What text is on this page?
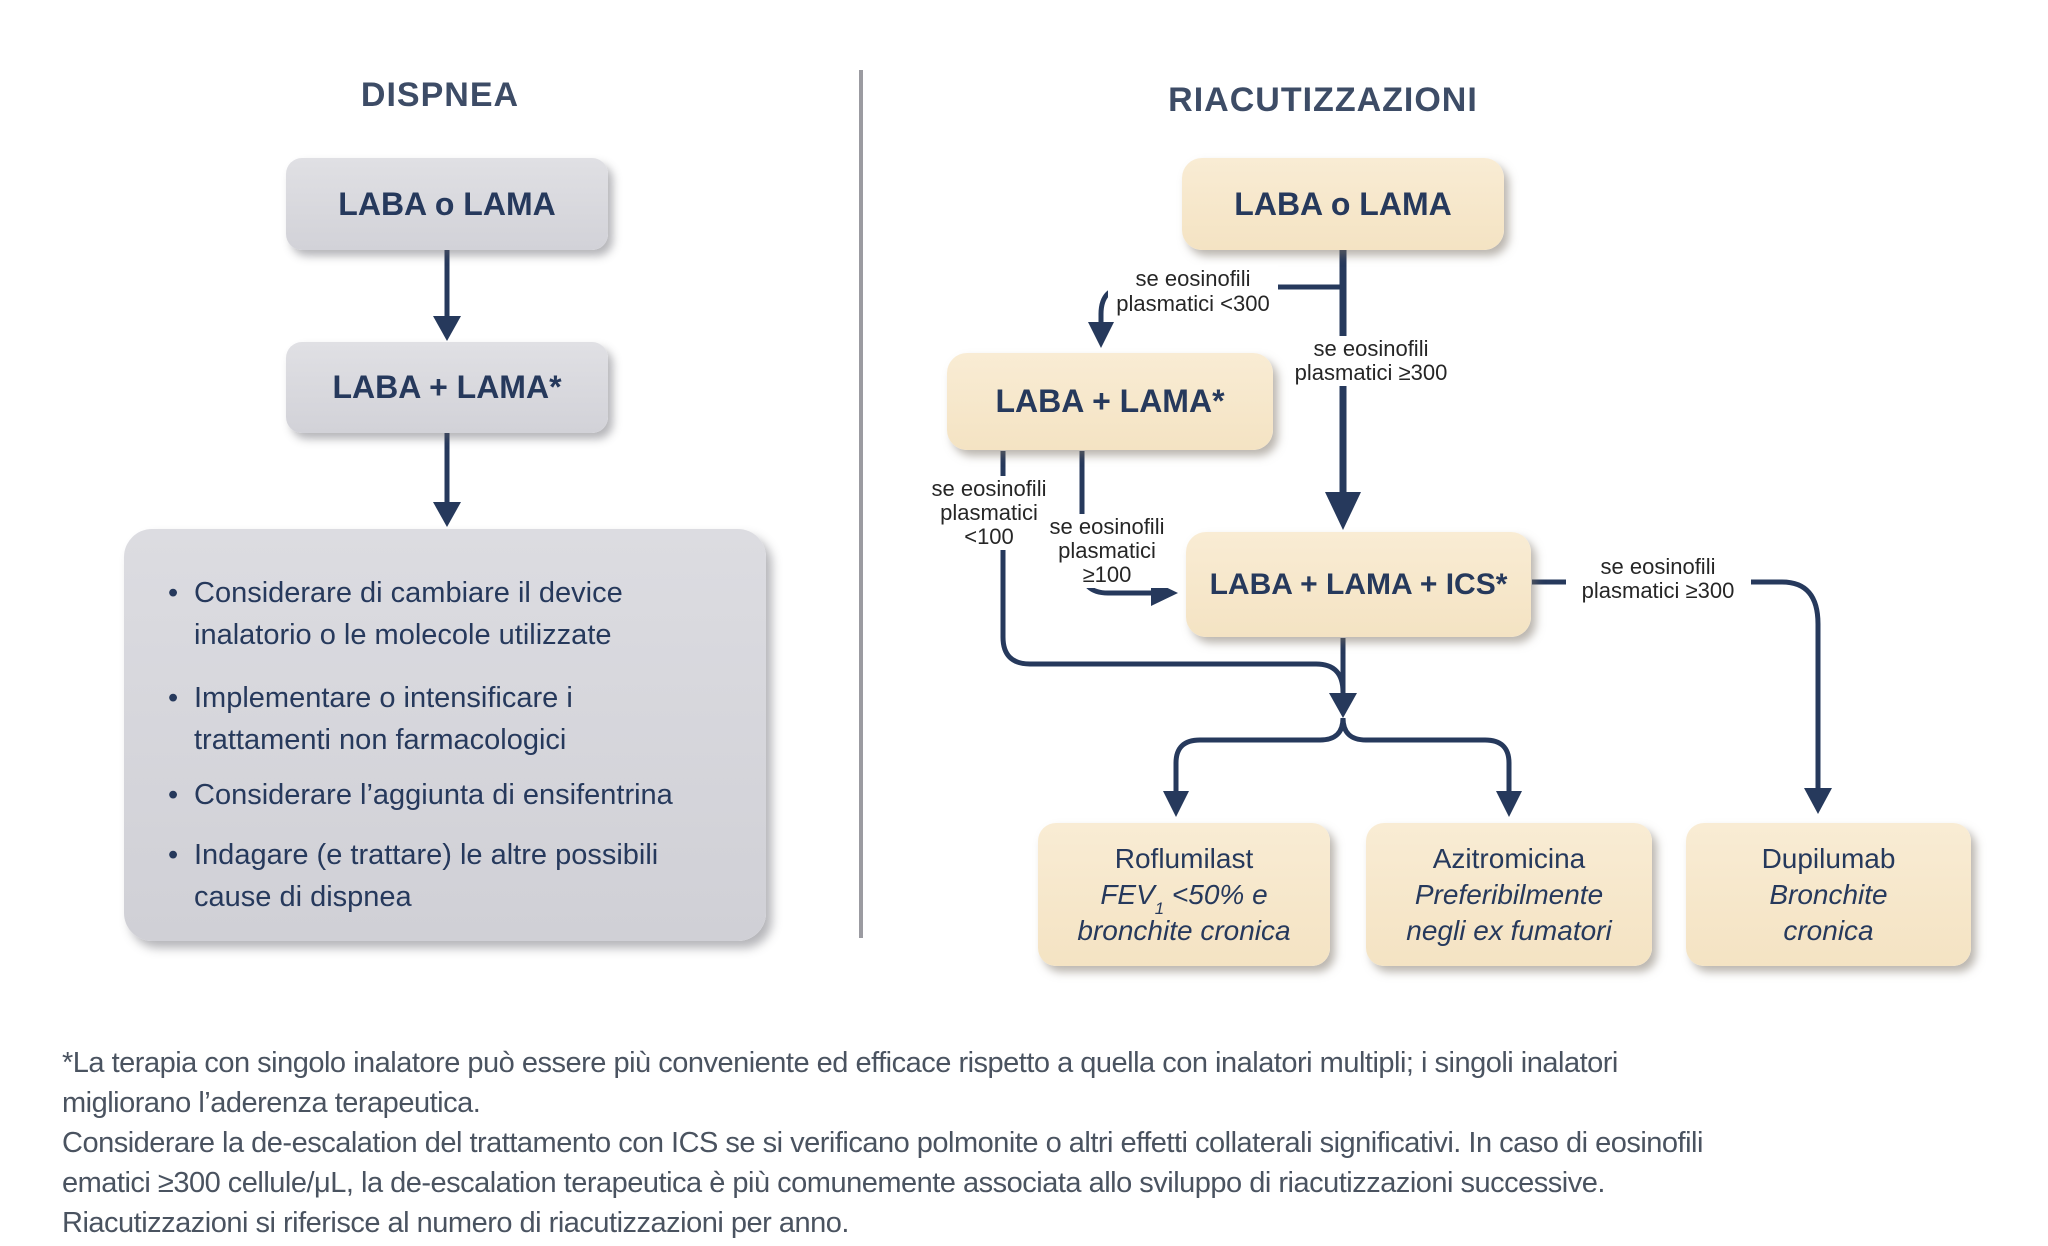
DISPNEA	RIACUTIZZAZIONI
LABA o LAMA
LABA + LAMA*
• Considerare di cambiare il device
inalatorio o le molecole utilizzate
• Implementare o intensificare i
trattamenti non farmacologici
• Considerare l’aggiunta di ensifentrina
• Indagare (e trattare) le altre possibili
cause di dispnea
LABA o LAMA
LABA + LAMA*
LABA + LAMA + ICS*
se eosinofili
plasmatici <300
se eosinofili
plasmatici ≥300
se eosinofili
plasmatici
<100	se eosinofili
plasmatici
≥100	se eosinofili
plasmatici ≥300
Roflumilast
$FEV_1 <50\%$ e
bronchite cronica
Azitromicina
Preferibilmente
negli ex fumatori
Dupilumab
Bronchite
cronica
*La terapia con singolo inalatore può essere più conveniente ed efficace rispetto a quella con inalatori multipli; i singoli inalatori
migliorano l’aderenza terapeutica.
Considerare la de-escalation del trattamento con ICS se si verificano polmonite o altri effetti collaterali significativi. In caso di eosinofili
ematici ≥300 cellule/μL, la de-escalation terapeutica è più comunemente associata allo sviluppo di riacutizzazioni successive.
Riacutizzazioni si riferisce al numero di riacutizzazioni per anno.
